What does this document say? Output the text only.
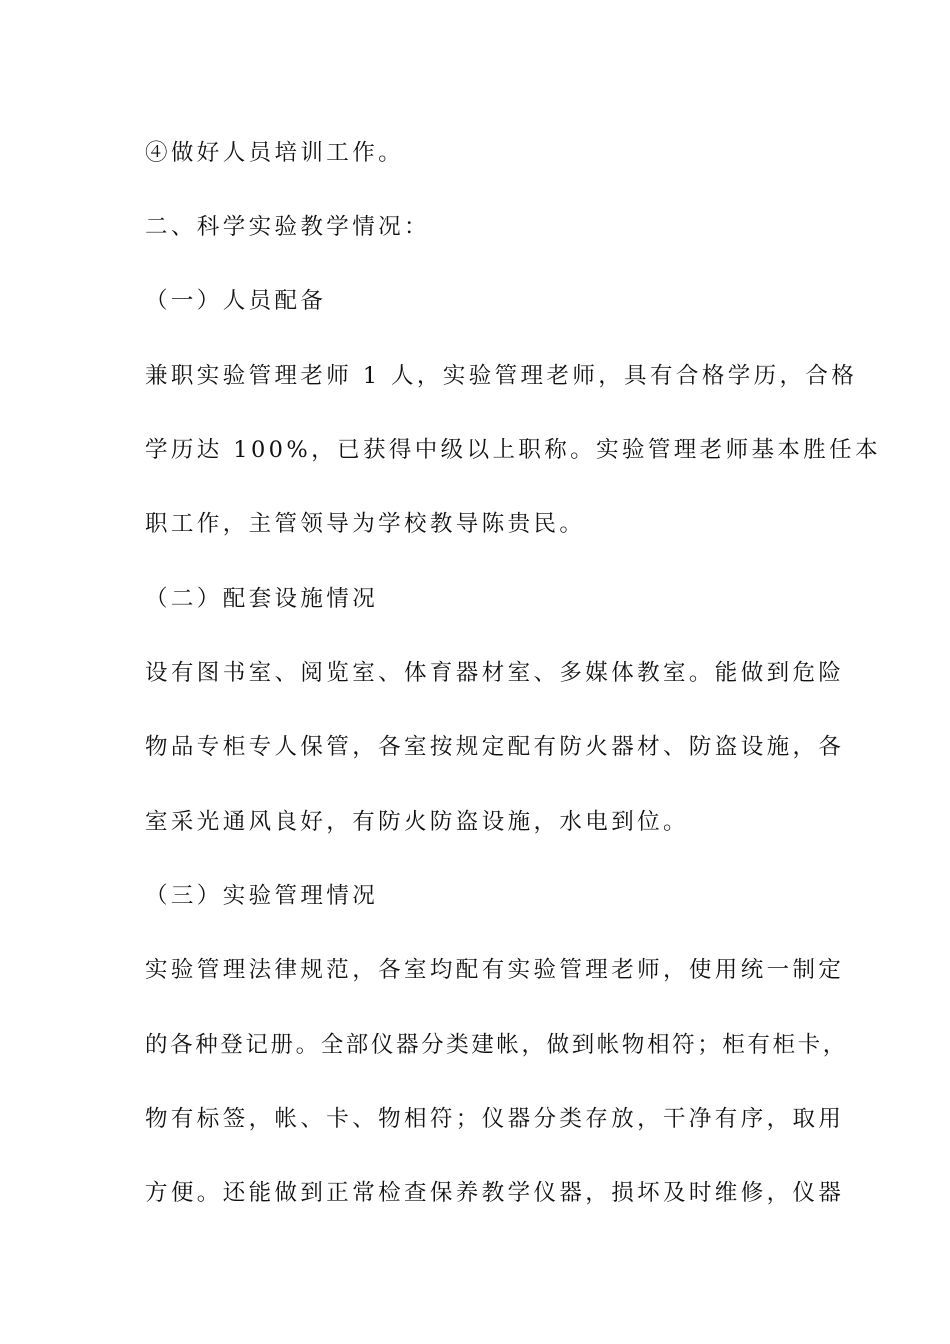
④做好人员培训工作。
二、科学实验教学情况：
（一）人员配备
兼职实验管理老师 1 人，实验管理老师，具有合格学历，合格
学历达 100%，已获得中级以上职称。实验管理老师基本胜任本
职工作，主管领导为学校教导陈贵民。
（二）配套设施情况
设有图书室、阅览室、体育器材室、多媒体教室。能做到危险
物品专柜专人保管，各室按规定配有防火器材、防盗设施，各
室采光通风良好，有防火防盗设施，水电到位。
（三）实验管理情况
实验管理法律规范，各室均配有实验管理老师，使用统一制定
的各种登记册。全部仪器分类建帐，做到帐物相符；柜有柜卡，
物有标签，帐、卡、物相符；仪器分类存放，干净有序，取用
方便。还能做到正常检查保养教学仪器，损坏及时维修，仪器
